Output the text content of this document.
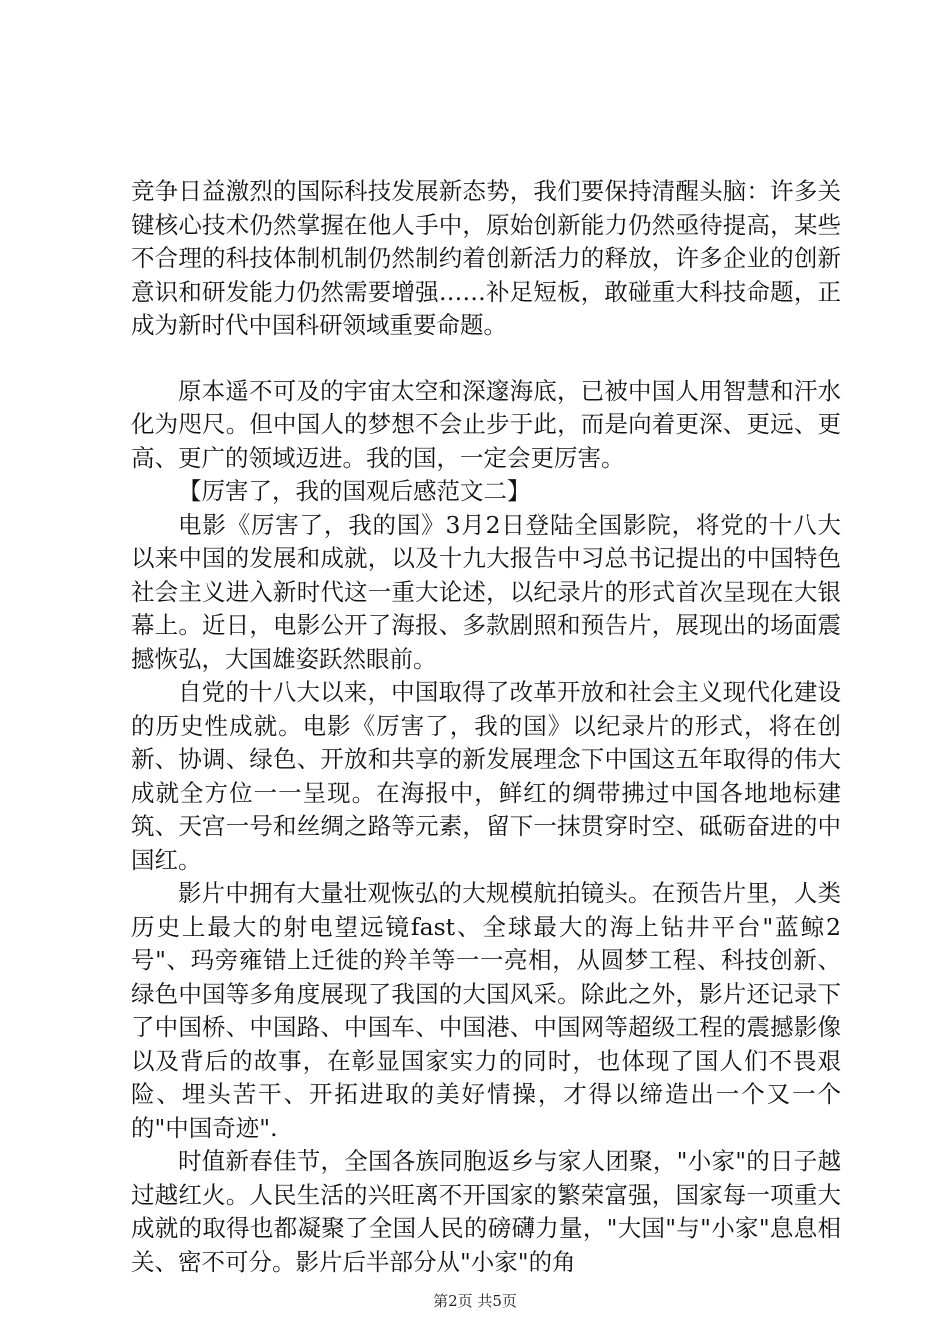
竞争日益激烈的国际科技发展新态势，我们要保持清醒头脑：许多关键核心技术仍然掌握在他人手中，原始创新能力仍然亟待提高，某些不合理的科技体制机制仍然制约着创新活力的释放，许多企业的创新意识和研发能力仍然需要增强……补足短板，敢碰重大科技命题，正成为新时代中国科研领域重要命题。

原本遥不可及的宇宙太空和深邃海底，已被中国人用智慧和汗水化为咫尺。但中国人的梦想不会止步于此，而是向着更深、更远、更高、更广的领域迈进。我的国，一定会更厉害。

【厉害了，我的国观后感范文二】

电影《厉害了，我的国》3月2日登陆全国影院，将党的十八大以来中国的发展和成就，以及十九大报告中习总书记提出的中国特色社会主义进入新时代这一重大论述，以纪录片的形式首次呈现在大银幕上。近日，电影公开了海报、多款剧照和预告片，展现出的场面震撼恢弘，大国雄姿跃然眼前。

自党的十八大以来，中国取得了改革开放和社会主义现代化建设的历史性成就。电影《厉害了，我的国》以纪录片的形式，将在创新、协调、绿色、开放和共享的新发展理念下中国这五年取得的伟大成就全方位一一呈现。在海报中，鲜红的绸带拂过中国各地地标建筑、天宫一号和丝绸之路等元素，留下一抹贯穿时空、砥砺奋进的中国红。

影片中拥有大量壮观恢弘的大规模航拍镜头。在预告片里，人类历史上最大的射电望远镜fast、全球最大的海上钻井平台"蓝鲸2号"、玛旁雍错上迁徙的羚羊等一一亮相，从圆梦工程、科技创新、绿色中国等多角度展现了我国的大国风采。除此之外，影片还记录下了中国桥、中国路、中国车、中国港、中国网等超级工程的震撼影像以及背后的故事，在彰显国家实力的同时，也体现了国人们不畏艰险、埋头苦干、开拓进取的美好情操，才得以缔造出一个又一个的"中国奇迹".

时值新春佳节，全国各族同胞返乡与家人团聚，"小家"的日子越过越红火。人民生活的兴旺离不开国家的繁荣富强，国家每一项重大成就的取得也都凝聚了全国人民的磅礴力量，"大国"与"小家"息息相关、密不可分。影片后半部分从"小家"的角

第2页 共5页
